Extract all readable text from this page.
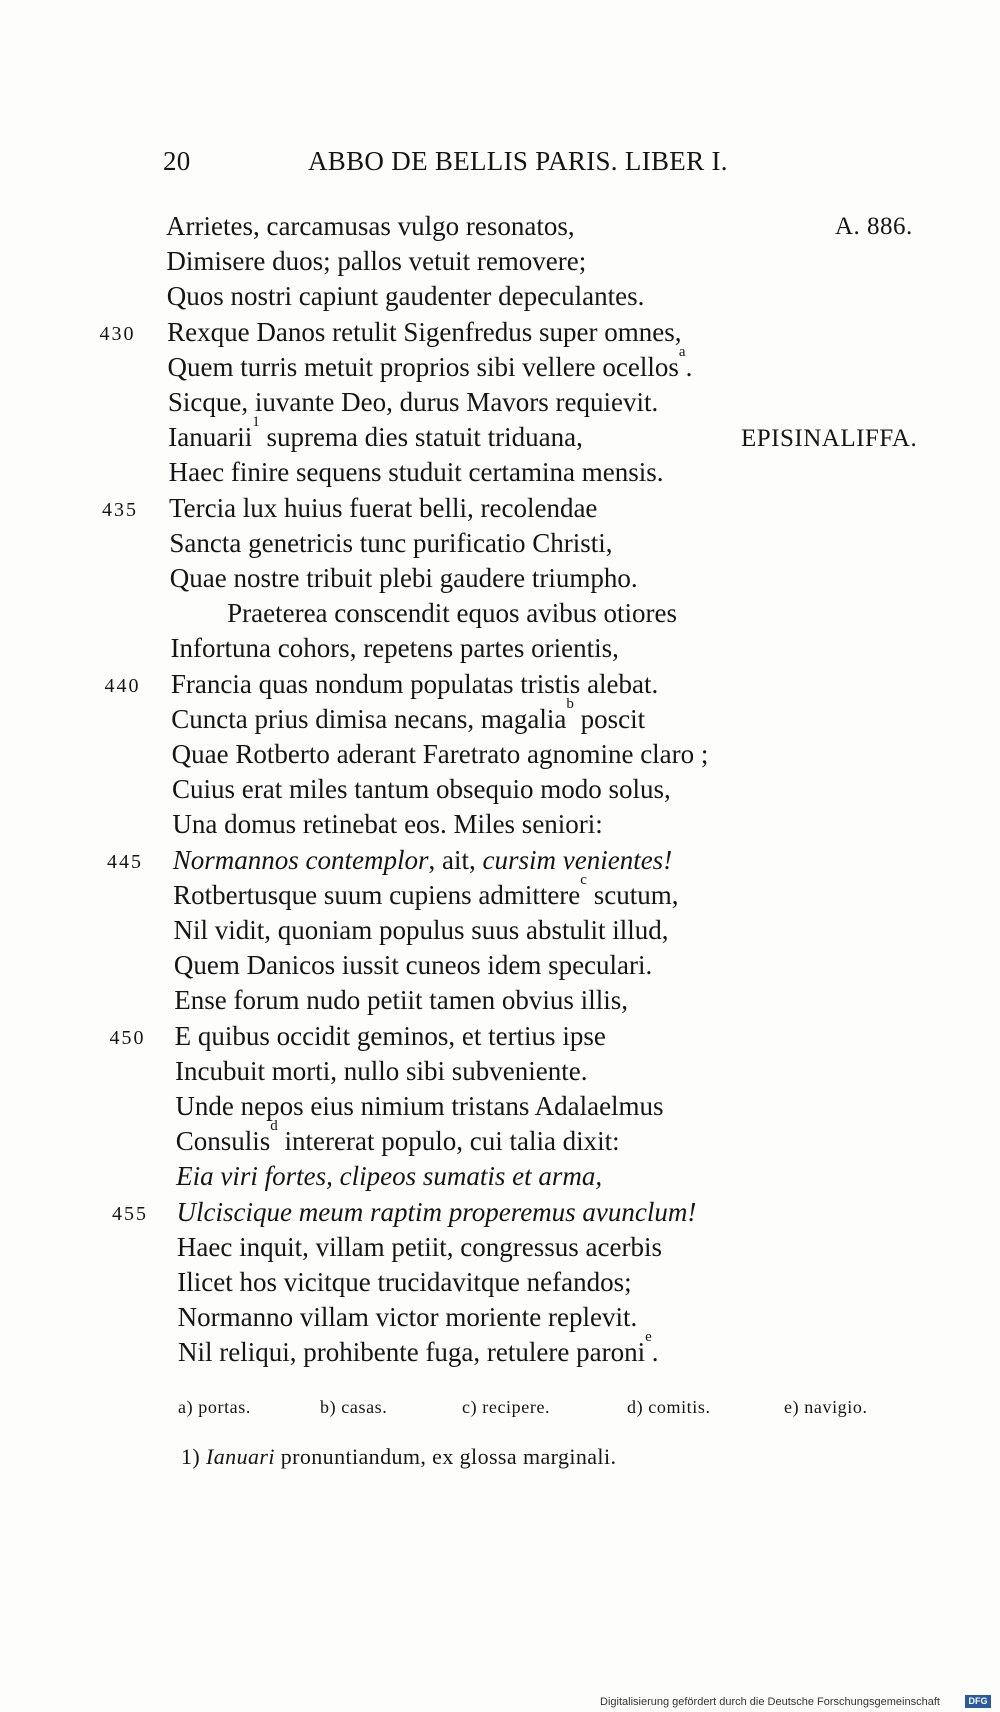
20	ABBO DE BELLIS PARIS. LIBER I.
A. 886.
EPISINALIFFA.
Arrietes, carcamusas vulgo resonatos,
Dimisere duos; pallos vetuit removere;
Quos nostri capiunt gaudenter depeculantes.
430 Rexque Danos retulit Sigenfredus super omnes,
Quem turris metuit proprios sibi vellere ocellos$^a$.
Sicque, iuvante Deo, durus Mavors requievit.
Ianuarii$^1$ suprema dies statuit triduana,
Haec finire sequens studuit certamina mensis.
435 Tercia lux huius fuerat belli, recolendae
Sancta genetricis tunc purificatio Christi,
Quae nostre tribuit plebi gaudere triumpho.
Praeterea conscendit equos avibus otiores
Infortuna cohors, repetens partes orientis,
440 Francia quas nondum populatas tristis alebat.
Cuncta prius dimisa necans, magalia$^b$ poscit
Quae Rotberto aderant Faretrato agnomine claro ;
Cuius erat miles tantum obsequio modo solus,
Una domus retinebat eos. Miles seniori:
445 Normannos contemplor, ait, cursim venientes!
Rotbertusque suum cupiens admittere$^c$ scutum,
Nil vidit, quoniam populus suus abstulit illud,
Quem Danicos iussit cuneos idem speculari.
Ense forum nudo petiit tamen obvius illis,
450 E quibus occidit geminos, et tertius ipse
Incubuit morti, nullo sibi subveniente.
Unde nepos eius nimium tristans Adalaelmus
Consulis$^d$ intererat populo, cui talia dixit:
Eia viri fortes, clipeos sumatis et arma,
455 Ulciscique meum raptim properemus avunclum!
Haec inquit, villam petiit, congressus acerbis
Ilicet hos vicitque trucidavitque nefandos;
Normanno villam victor moriente replevit.
Nil reliqui, prohibente fuga, retulere paroni$^e$.
a) portas.	b) casas.	c) recipere.	d) comitis.	e) navigio.
1) Ianuari pronuntiandum, ex glossa marginali.
Digitalisierung gefördert durch die Deutsche Forschungsgemeinschaft	DFG
